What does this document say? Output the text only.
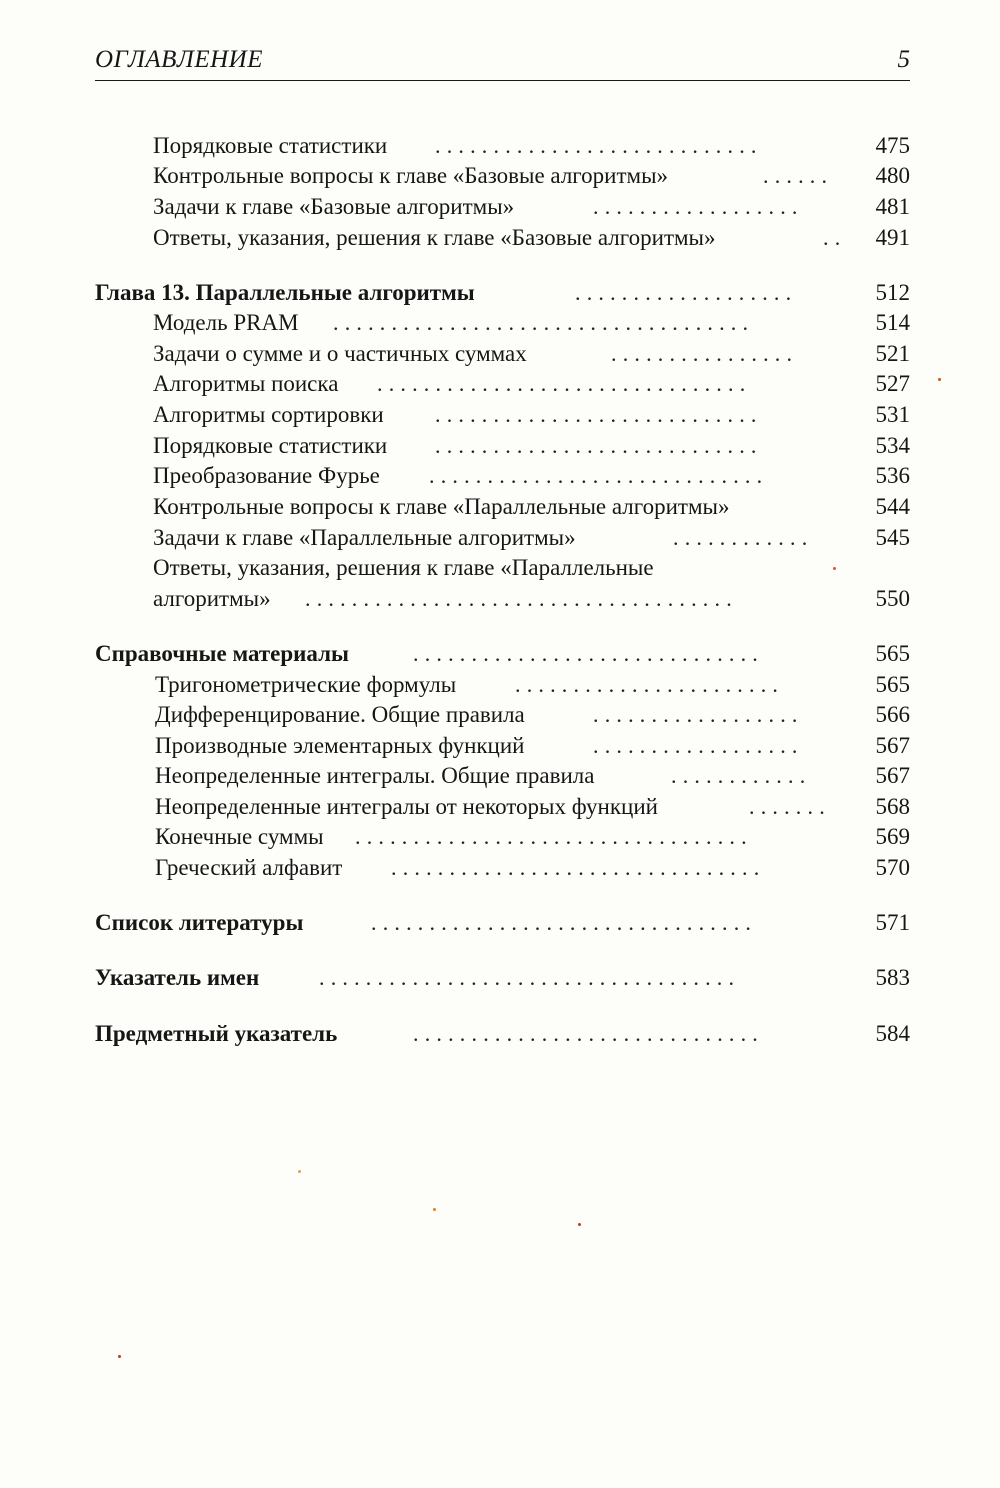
ОГЛАВЛЕНИЕ	5
Порядковые статистики ............................	475
Контрольные вопросы к главе «Базовые алгоритмы»	......	480
Задачи к главе «Базовые алгоритмы»	..................	481
Ответы, указания, решения к главе «Базовые алгоритмы»	..	491
Глава 13. Параллельные алгоритмы	...................	512
Модель PRAM ....................................	514
Задачи о сумме и о частичных суммах	................	521
Алгоритмы поиска ................................	527
Алгоритмы сортировки ............................	531
Порядковые статистики ............................	534
Преобразование Фурье .............................	536
Контрольные вопросы к главе «Параллельные алгоритмы»	544
Задачи к главе «Параллельные алгоритмы»	............	545
Ответы, указания, решения к главе «Параллельные
алгоритмы» .....................................	550
Справочные материалы	..............................	565
Тригонометрические формулы	.......................	565
Дифференцирование. Общие правила	..................	566
Производные элементарных функций	..................	567
Неопределенные интегралы. Общие правила	............	567
Неопределенные интегралы от некоторых функций	.......	568
Конечные суммы ..................................	569
Греческий алфавит ................................	570
Список литературы	.................................	571
Указатель имен	....................................	583
Предметный указатель	..............................	584
